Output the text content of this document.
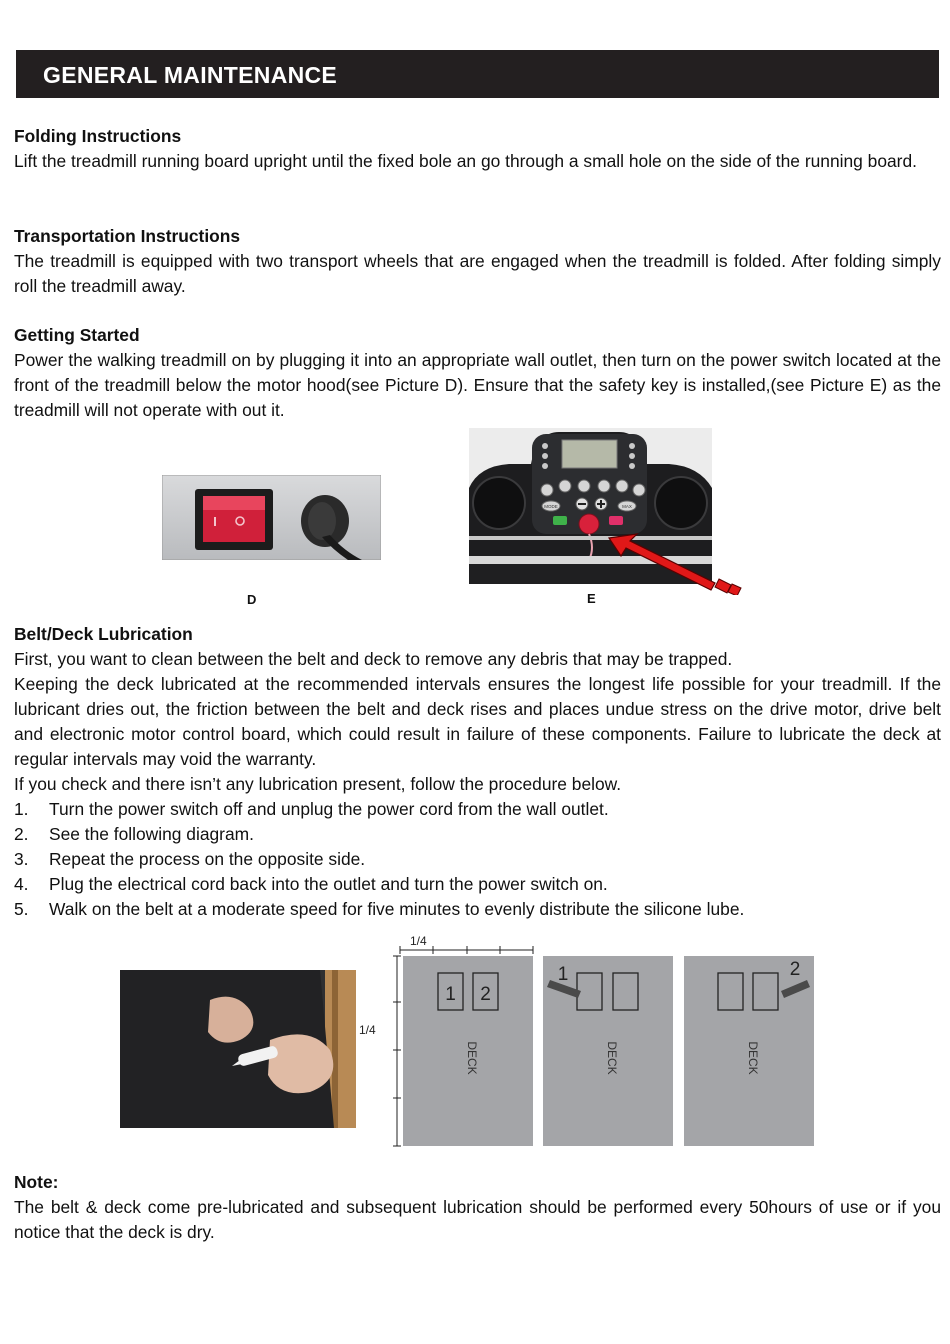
GENERAL MAINTENANCE
Folding Instructions

Lift the treadmill running board upright until the fixed bole an go through a small hole on the side of the running board.

Transportation Instructions

The treadmill is equipped with two transport wheels that are engaged when the treadmill is folded. After folding simply roll the treadmill away.

Getting Started

Power the walking treadmill on by plugging it into an appropriate wall outlet, then turn on the power switch located at the front of the treadmill below the motor hood(see Picture D). Ensure that the safety key is installed,(see Picture E) as the treadmill will not operate with out it.

D
MODE	MAX
E
Belt/Deck Lubrication

First, you want to clean between the belt and deck to remove any debris that may be trapped.

Keeping the deck lubricated at the recommended intervals ensures the longest life possible for your treadmill. If the lubricant dries out, the friction between the belt and deck rises and places undue stress on the drive motor, drive belt and electronic motor control board, which could result in failure of these components. Failure to lubricate the deck at regular intervals may void the warranty.

If you check and there isn’t any lubrication present, follow the procedure below.

1. Turn the power switch off and unplug the power cord from the wall outlet.
2. See the following diagram.
3. Repeat the process on the opposite side.
4. Plug the electrical cord back into the outlet and turn the power switch on.
5. Walk on the belt at a moderate speed for five minutes to evenly distribute the silicone lube.
1/4
1/4
1 2
DECK
1
DECK
2
DECK
Note:

The belt & deck come pre-lubricated and subsequent lubrication should be performed every 50hours of use or if you notice that the deck is dry.
